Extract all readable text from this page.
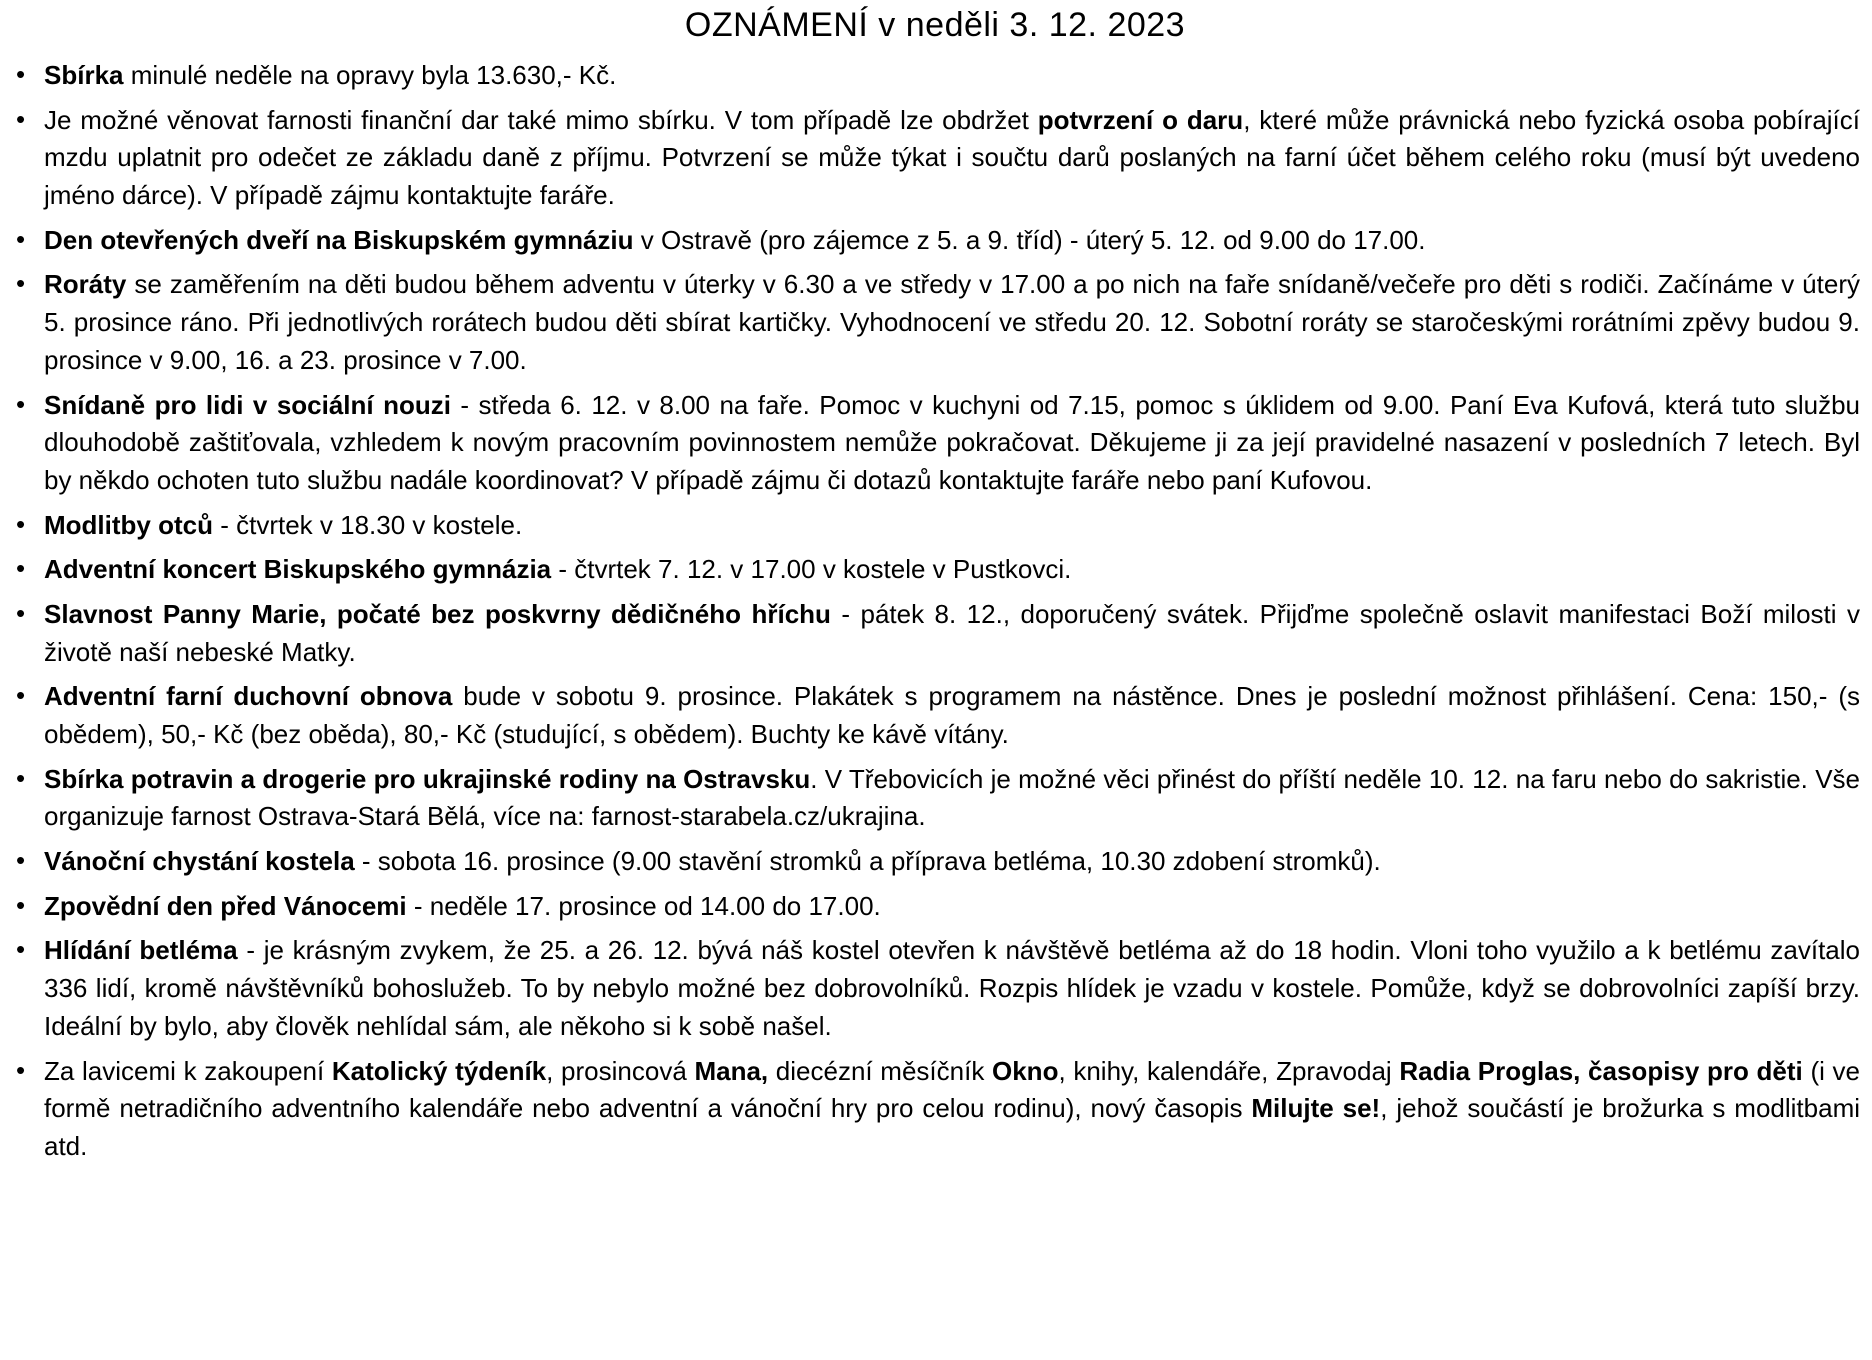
OZNÁMENÍ v neděli 3. 12. 2023
• Sbírka minulé neděle na opravy byla 13.630,- Kč.
• Je možné věnovat farnosti finanční dar také mimo sbírku. V tom případě lze obdržet potvrzení o daru, které může právnická nebo fyzická osoba pobírající mzdu uplatnit pro odečet ze základu daně z příjmu. Potvrzení se může týkat i součtu darů poslaných na farní účet během celého roku (musí být uvedeno jméno dárce). V případě zájmu kontaktujte faráře.
• Den otevřených dveří na Biskupském gymnáziu v Ostravě (pro zájemce z 5. a 9. tříd) - úterý 5. 12. od 9.00 do 17.00.
• Roráty se zaměřením na děti budou během adventu v úterky v 6.30 a ve středy v 17.00 a po nich na faře snídaně/večeře pro děti s rodiči. Začínáme v úterý 5. prosince ráno. Při jednotlivých rorátech budou děti sbírat kartičky. Vyhodnocení ve středu 20. 12. Sobotní roráty se staročeskými rorátními zpěvy budou 9. prosince v 9.00, 16. a 23. prosince v 7.00.
• Snídaně pro lidi v sociální nouzi - středa 6. 12. v 8.00 na faře. Pomoc v kuchyni od 7.15, pomoc s úklidem od 9.00. Paní Eva Kufová, která tuto službu dlouhodobě zaštiťovala, vzhledem k novým pracovním povinnostem nemůže pokračovat. Děkujeme ji za její pravidelné nasazení v posledních 7 letech. Byl by někdo ochoten tuto službu nadále koordinovat? V případě zájmu či dotazů kontaktujte faráře nebo paní Kufovou.
• Modlitby otců - čtvrtek v 18.30 v kostele.
• Adventní koncert Biskupského gymnázia - čtvrtek 7. 12. v 17.00 v kostele v Pustkovci.
• Slavnost Panny Marie, počaté bez poskvrny dědičného hříchu - pátek 8. 12., doporučený svátek. Přijďme společně oslavit manifestaci Boží milosti v životě naší nebeské Matky.
• Adventní farní duchovní obnova bude v sobotu 9. prosince. Plakátek s programem na nástěnce. Dnes je poslední možnost přihlášení. Cena: 150,- (s obědem), 50,- Kč (bez oběda), 80,- Kč (studující, s obědem). Buchty ke kávě vítány.
• Sbírka potravin a drogerie pro ukrajinské rodiny na Ostravsku. V Třebovicích je možné věci přinést do příští neděle 10. 12. na faru nebo do sakristie. Vše organizuje farnost Ostrava-Stará Bělá, více na: farnost-starabela.cz/ukrajina.
• Vánoční chystání kostela - sobota 16. prosince (9.00 stavění stromků a příprava betléma, 10.30 zdobení stromků).
• Zpovědní den před Vánocemi - neděle 17. prosince od 14.00 do 17.00.
• Hlídání betléma - je krásným zvykem, že 25. a 26. 12. bývá náš kostel otevřen k návštěvě betléma až do 18 hodin. Vloni toho využilo a k betlému zavítalo 336 lidí, kromě návštěvníků bohoslužeb. To by nebylo možné bez dobrovolníků. Rozpis hlídek je vzadu v kostele. Pomůže, když se dobrovolníci zapíší brzy. Ideální by bylo, aby člověk nehlídal sám, ale někoho si k sobě našel.
• Za lavicemi k zakoupení Katolický týdeník, prosincová Mana, diecézní měsíčník Okno, knihy, kalendáře, Zpravodaj Radia Proglas, časopisy pro děti (i ve formě netradičního adventního kalendáře nebo adventní a vánoční hry pro celou rodinu), nový časopis Milujte se!, jehož součástí je brožurka s modlitbami atd.
